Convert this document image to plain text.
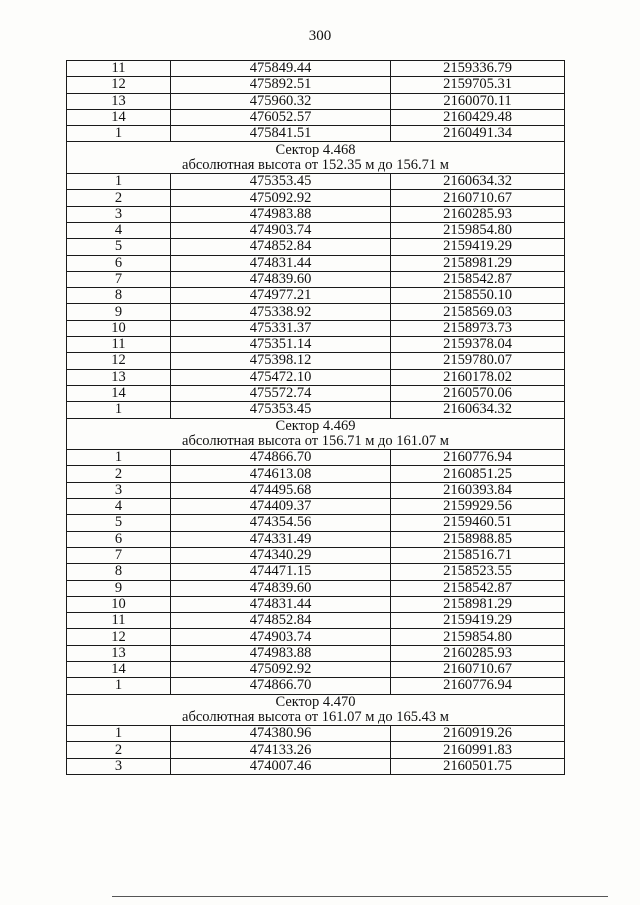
300
11	475849.44	2159336.79
12	475892.51	2159705.31
13	475960.32	2160070.11
14	476052.57	2160429.48
1	475841.51	2160491.34
Сектор 4.468		
абсолютная высота от 152.35 м до 156.71 м		
1	475353.45	2160634.32
2	475092.92	2160710.67
3	474983.88	2160285.93
4	474903.74	2159854.80
5	474852.84	2159419.29
6	474831.44	2158981.29
7	474839.60	2158542.87
8	474977.21	2158550.10
9	475338.92	2158569.03
10	475331.37	2158973.73
11	475351.14	2159378.04
12	475398.12	2159780.07
13	475472.10	2160178.02
14	475572.74	2160570.06
1	475353.45	2160634.32
Сектор 4.469		
абсолютная высота от 156.71 м до 161.07 м		
1	474866.70	2160776.94
2	474613.08	2160851.25
3	474495.68	2160393.84
4	474409.37	2159929.56
5	474354.56	2159460.51
6	474331.49	2158988.85
7	474340.29	2158516.71
8	474471.15	2158523.55
9	474839.60	2158542.87
10	474831.44	2158981.29
11	474852.84	2159419.29
12	474903.74	2159854.80
13	474983.88	2160285.93
14	475092.92	2160710.67
1	474866.70	2160776.94
Сектор 4.470		
абсолютная высота от 161.07 м до 165.43 м		
1	474380.96	2160919.26
2	474133.26	2160991.83
3	474007.46	2160501.75
